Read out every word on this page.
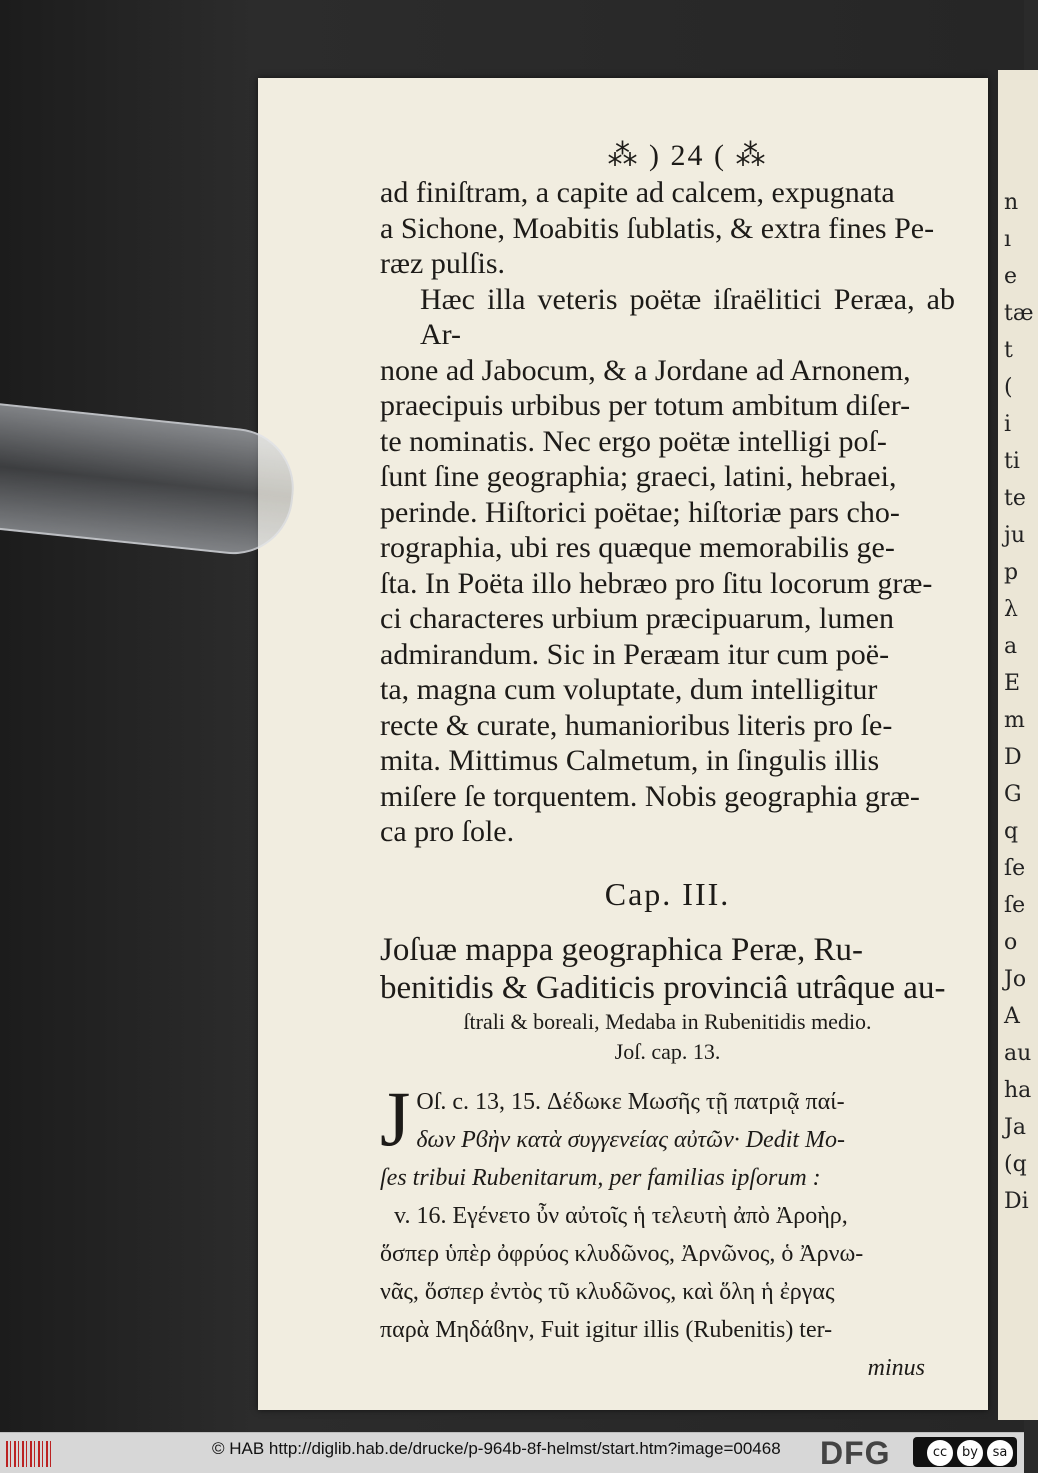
n
ı
e
tæ
t
(
i
ti
te
ju
p
λ
a
E
m
D
G
q
ſe
ſe
o
Jo
A
au
ha
Ja
(q
Di
⁂ ) 24 ( ⁂

ad finiſtram, a capite ad calcem, expugnata

a Sichone, Moabitis ſublatis, & extra fines Pe-

ræz pulſis.

Hæc illa veteris poëtæ iſraëlitici Peræa, ab Ar-

none ad Jabocum, & a Jordane ad Arnonem,

praecipuis urbibus per totum ambitum diſer-

te nominatis. Nec ergo poëtæ intelligi poſ-

ſunt ſine geographia; graeci, latini, hebraei,

perinde. Hiſtorici poëtae; hiſtoriæ pars cho-

rographia, ubi res quæque memorabilis ge-

ſta. In Poëta illo hebræo pro ſitu locorum græ-

ci characteres urbium præcipuarum, lumen

admirandum. Sic in Peræam itur cum poë-

ta, magna cum voluptate, dum intelligitur

recte & curate, humanioribus literis pro ſe-

mita. Mittimus Calmetum, in ſingulis illis

miſere ſe torquentem. Nobis geographia græ-

ca pro ſole.

Cap. III.

Joſuæ mappa geographica Peræ, Ru-

benitidis & Gaditicis provinciâ utrâque au-

ſtrali & boreali, Medaba in Rubenitidis medio.

Joſ. cap. 13.

J Oſ. c. 13, 15. Δέδωκε Μωσῆς τῇ πατριᾷ παί-

δων Ρϐὴν κατὰ συγγενείας αὐτῶν· Dedit Mo-

ſes tribui Rubenitarum, per familias ipſorum :

v. 16. Εγένετο ὖν αὐτοῖς ἡ τελευτὴ ἀπὸ Ἀροὴρ,

ὅσπερ ὑπὲρ ὀφρύος κλυδῶνος, Ἀρνῶνος, ὁ Ἀρνω-

νᾶς, ὅσπερ ἐντὸς τῦ κλυδῶνος, καὶ ὅλη ἡ ἐργας

παρὰ Μηδάϐην, Fuit igitur illis (Rubenitis) ter-

minus

© HAB http://diglib.hab.de/drucke/p-964b-8f-helmst/start.htm?image=00468 DFG	cc	by	sa
